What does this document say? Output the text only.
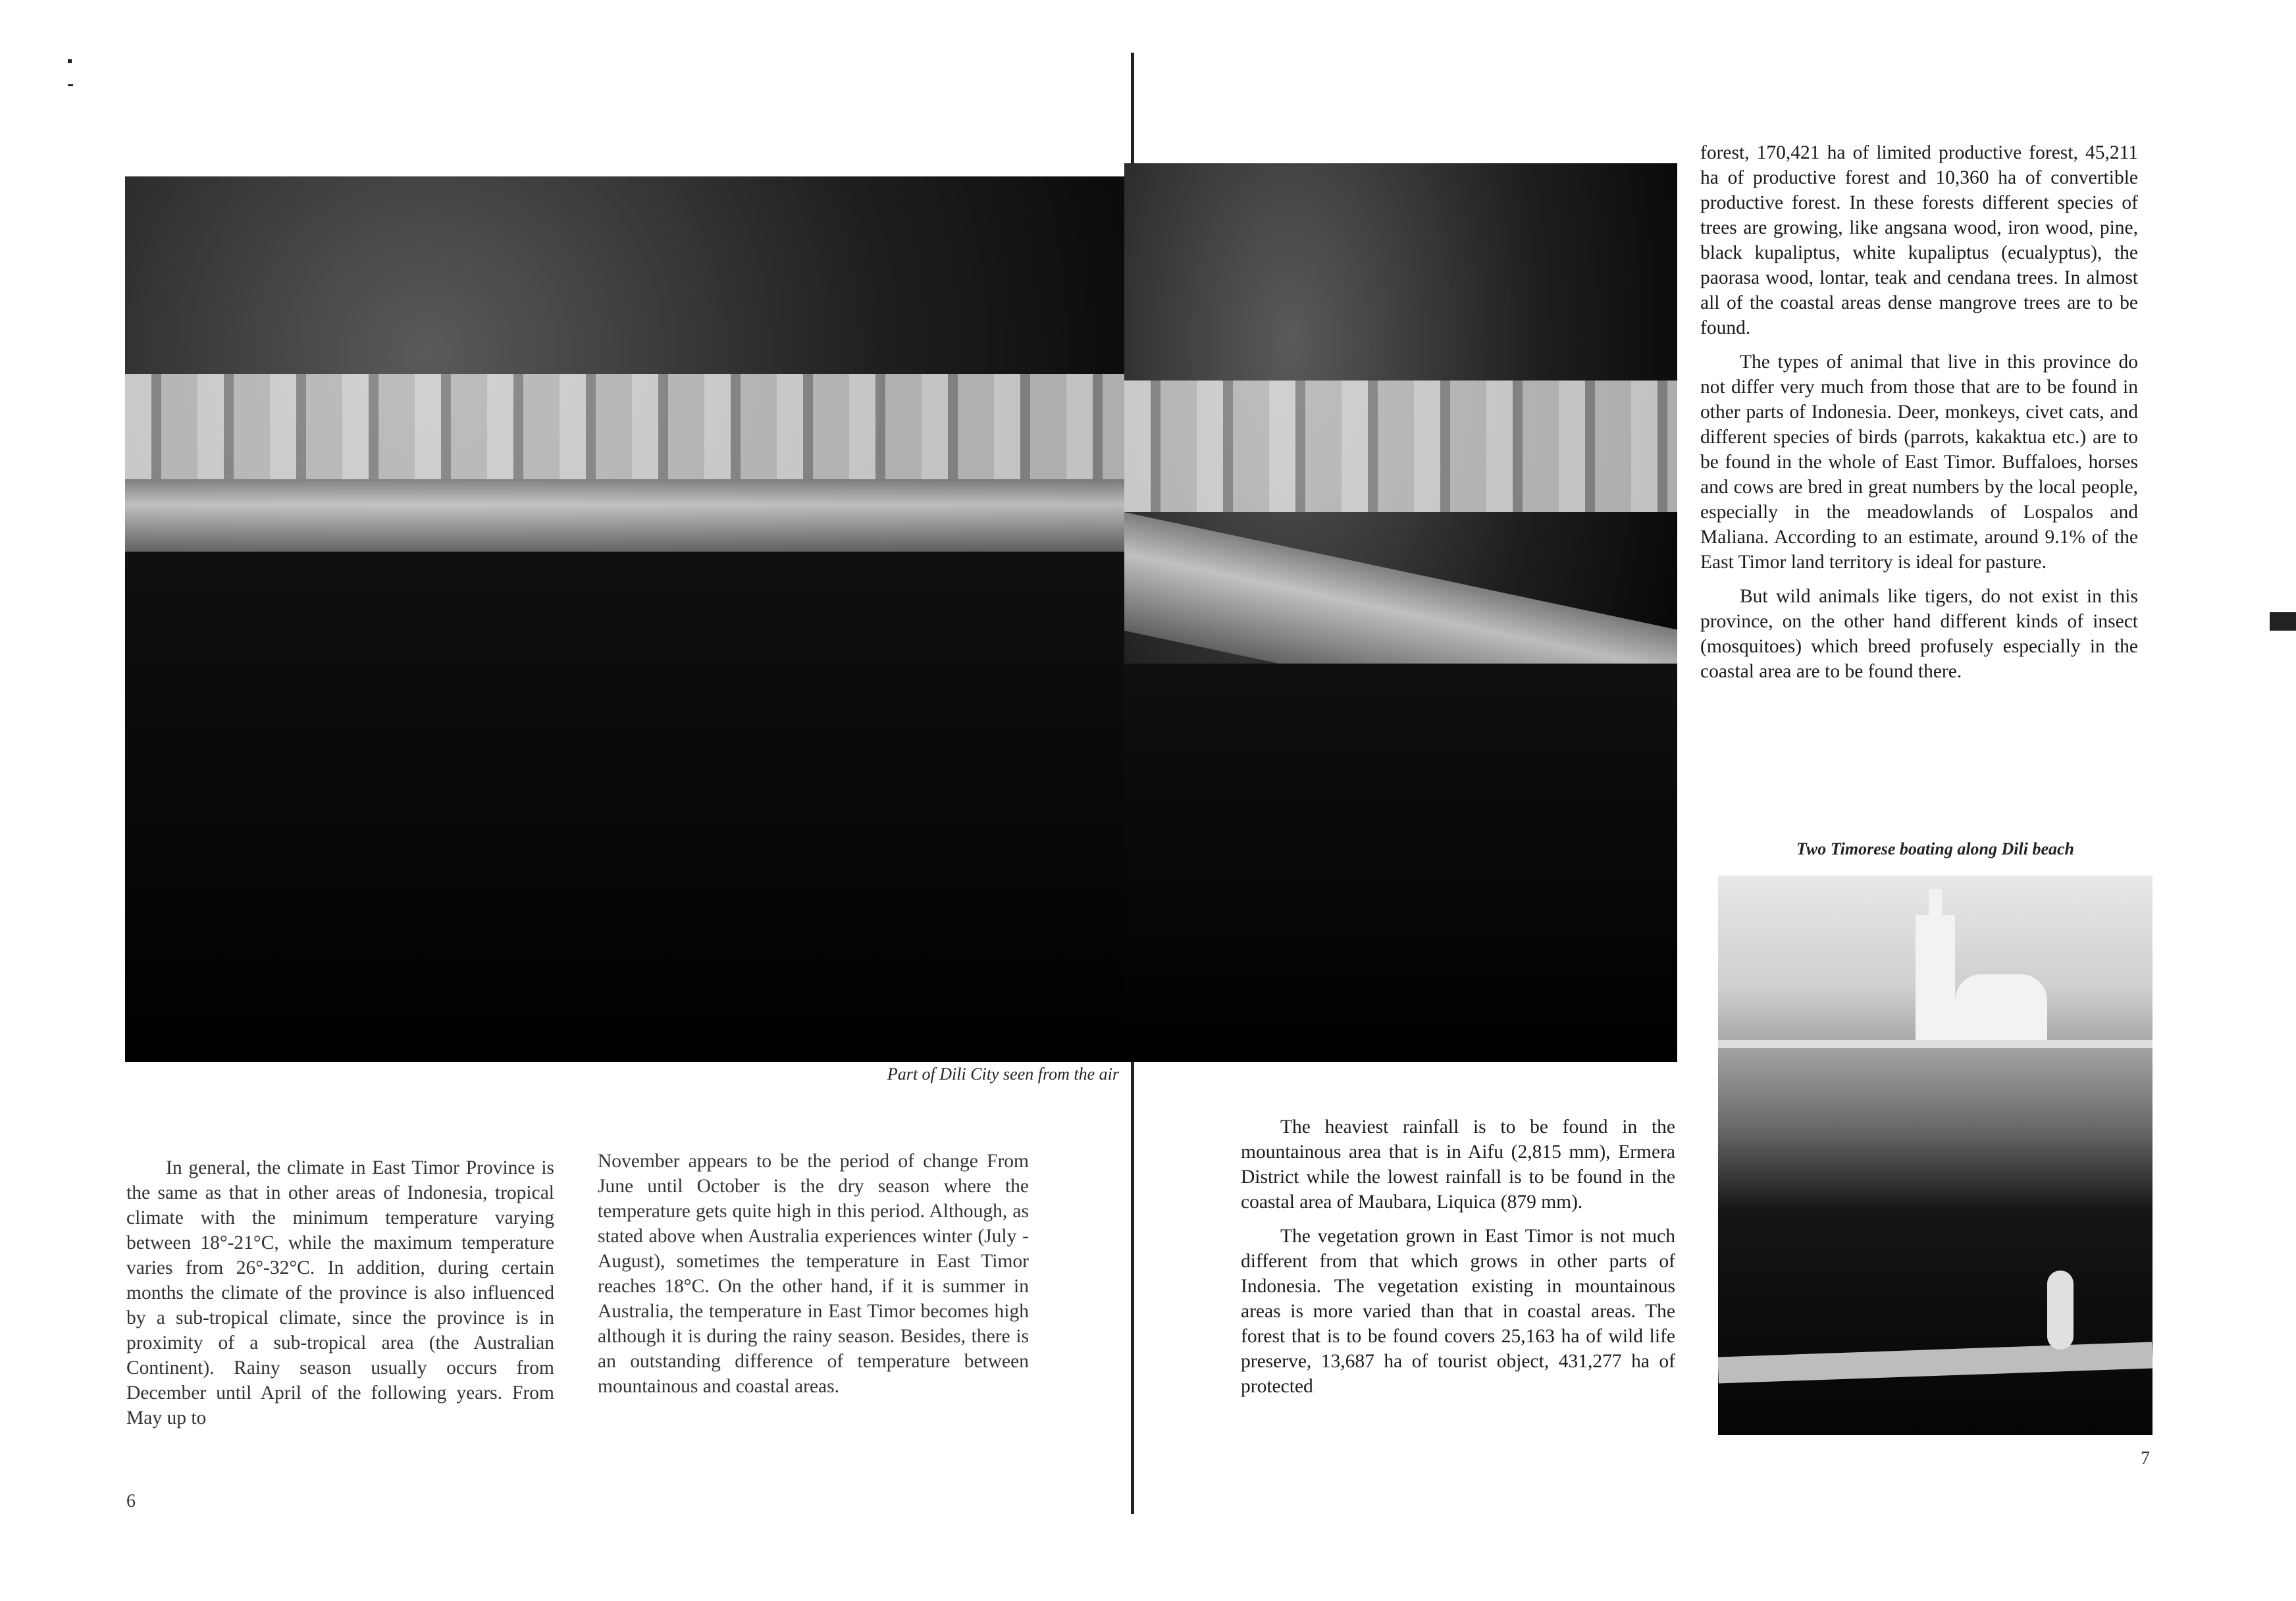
Part of Dili City seen from the air

In general, the climate in East Timor Province is the same as that in other areas of Indonesia, tropical climate with the minimum temperature varying between 18°-21°C, while the maximum temperature varies from 26°-32°C. In addition, during certain months the climate of the province is also influenced by a sub-tropical climate, since the province is in proximity of a sub-tropical area (the Australian Continent). Rainy season usually occurs from December until April of the following years. From May up to

November appears to be the period of change From June until October is the dry season where the temperature gets quite high in this period. Although, as stated above when Australia experiences winter (July - August), sometimes the temperature in East Timor reaches 18°C. On the other hand, if it is summer in Australia, the temperature in East Timor becomes high although it is during the rainy season. Besides, there is an outstanding difference of temperature between mountainous and coastal areas.

6

The heaviest rainfall is to be found in the mountainous area that is in Aifu (2,815 mm), Ermera District while the lowest rainfall is to be found in the coastal area of Maubara, Liquica (879 mm).

The vegetation grown in East Timor is not much different from that which grows in other parts of Indonesia. The vegetation existing in mountainous areas is more varied than that in coastal areas. The forest that is to be found covers 25,163 ha of wild life preserve, 13,687 ha of tourist object, 431,277 ha of protected

forest, 170,421 ha of limited productive forest, 45,211 ha of productive forest and 10,360 ha of convertible productive forest. In these forests different species of trees are growing, like angsana wood, iron wood, pine, black kupaliptus, white kupaliptus (ecualyptus), the paorasa wood, lontar, teak and cendana trees. In almost all of the coastal areas dense mangrove trees are to be found.

The types of animal that live in this province do not differ very much from those that are to be found in other parts of Indonesia. Deer, monkeys, civet cats, and different species of birds (parrots, kakaktua etc.) are to be found in the whole of East Timor. Buffaloes, horses and cows are bred in great numbers by the local people, especially in the meadowlands of Lospalos and Maliana. According to an estimate, around 9.1% of the East Timor land territory is ideal for pasture.

But wild animals like tigers, do not exist in this province, on the other hand different kinds of insect (mosquitoes) which breed profusely especially in the coastal area are to be found there.

Two Timorese boating along Dili beach
7
